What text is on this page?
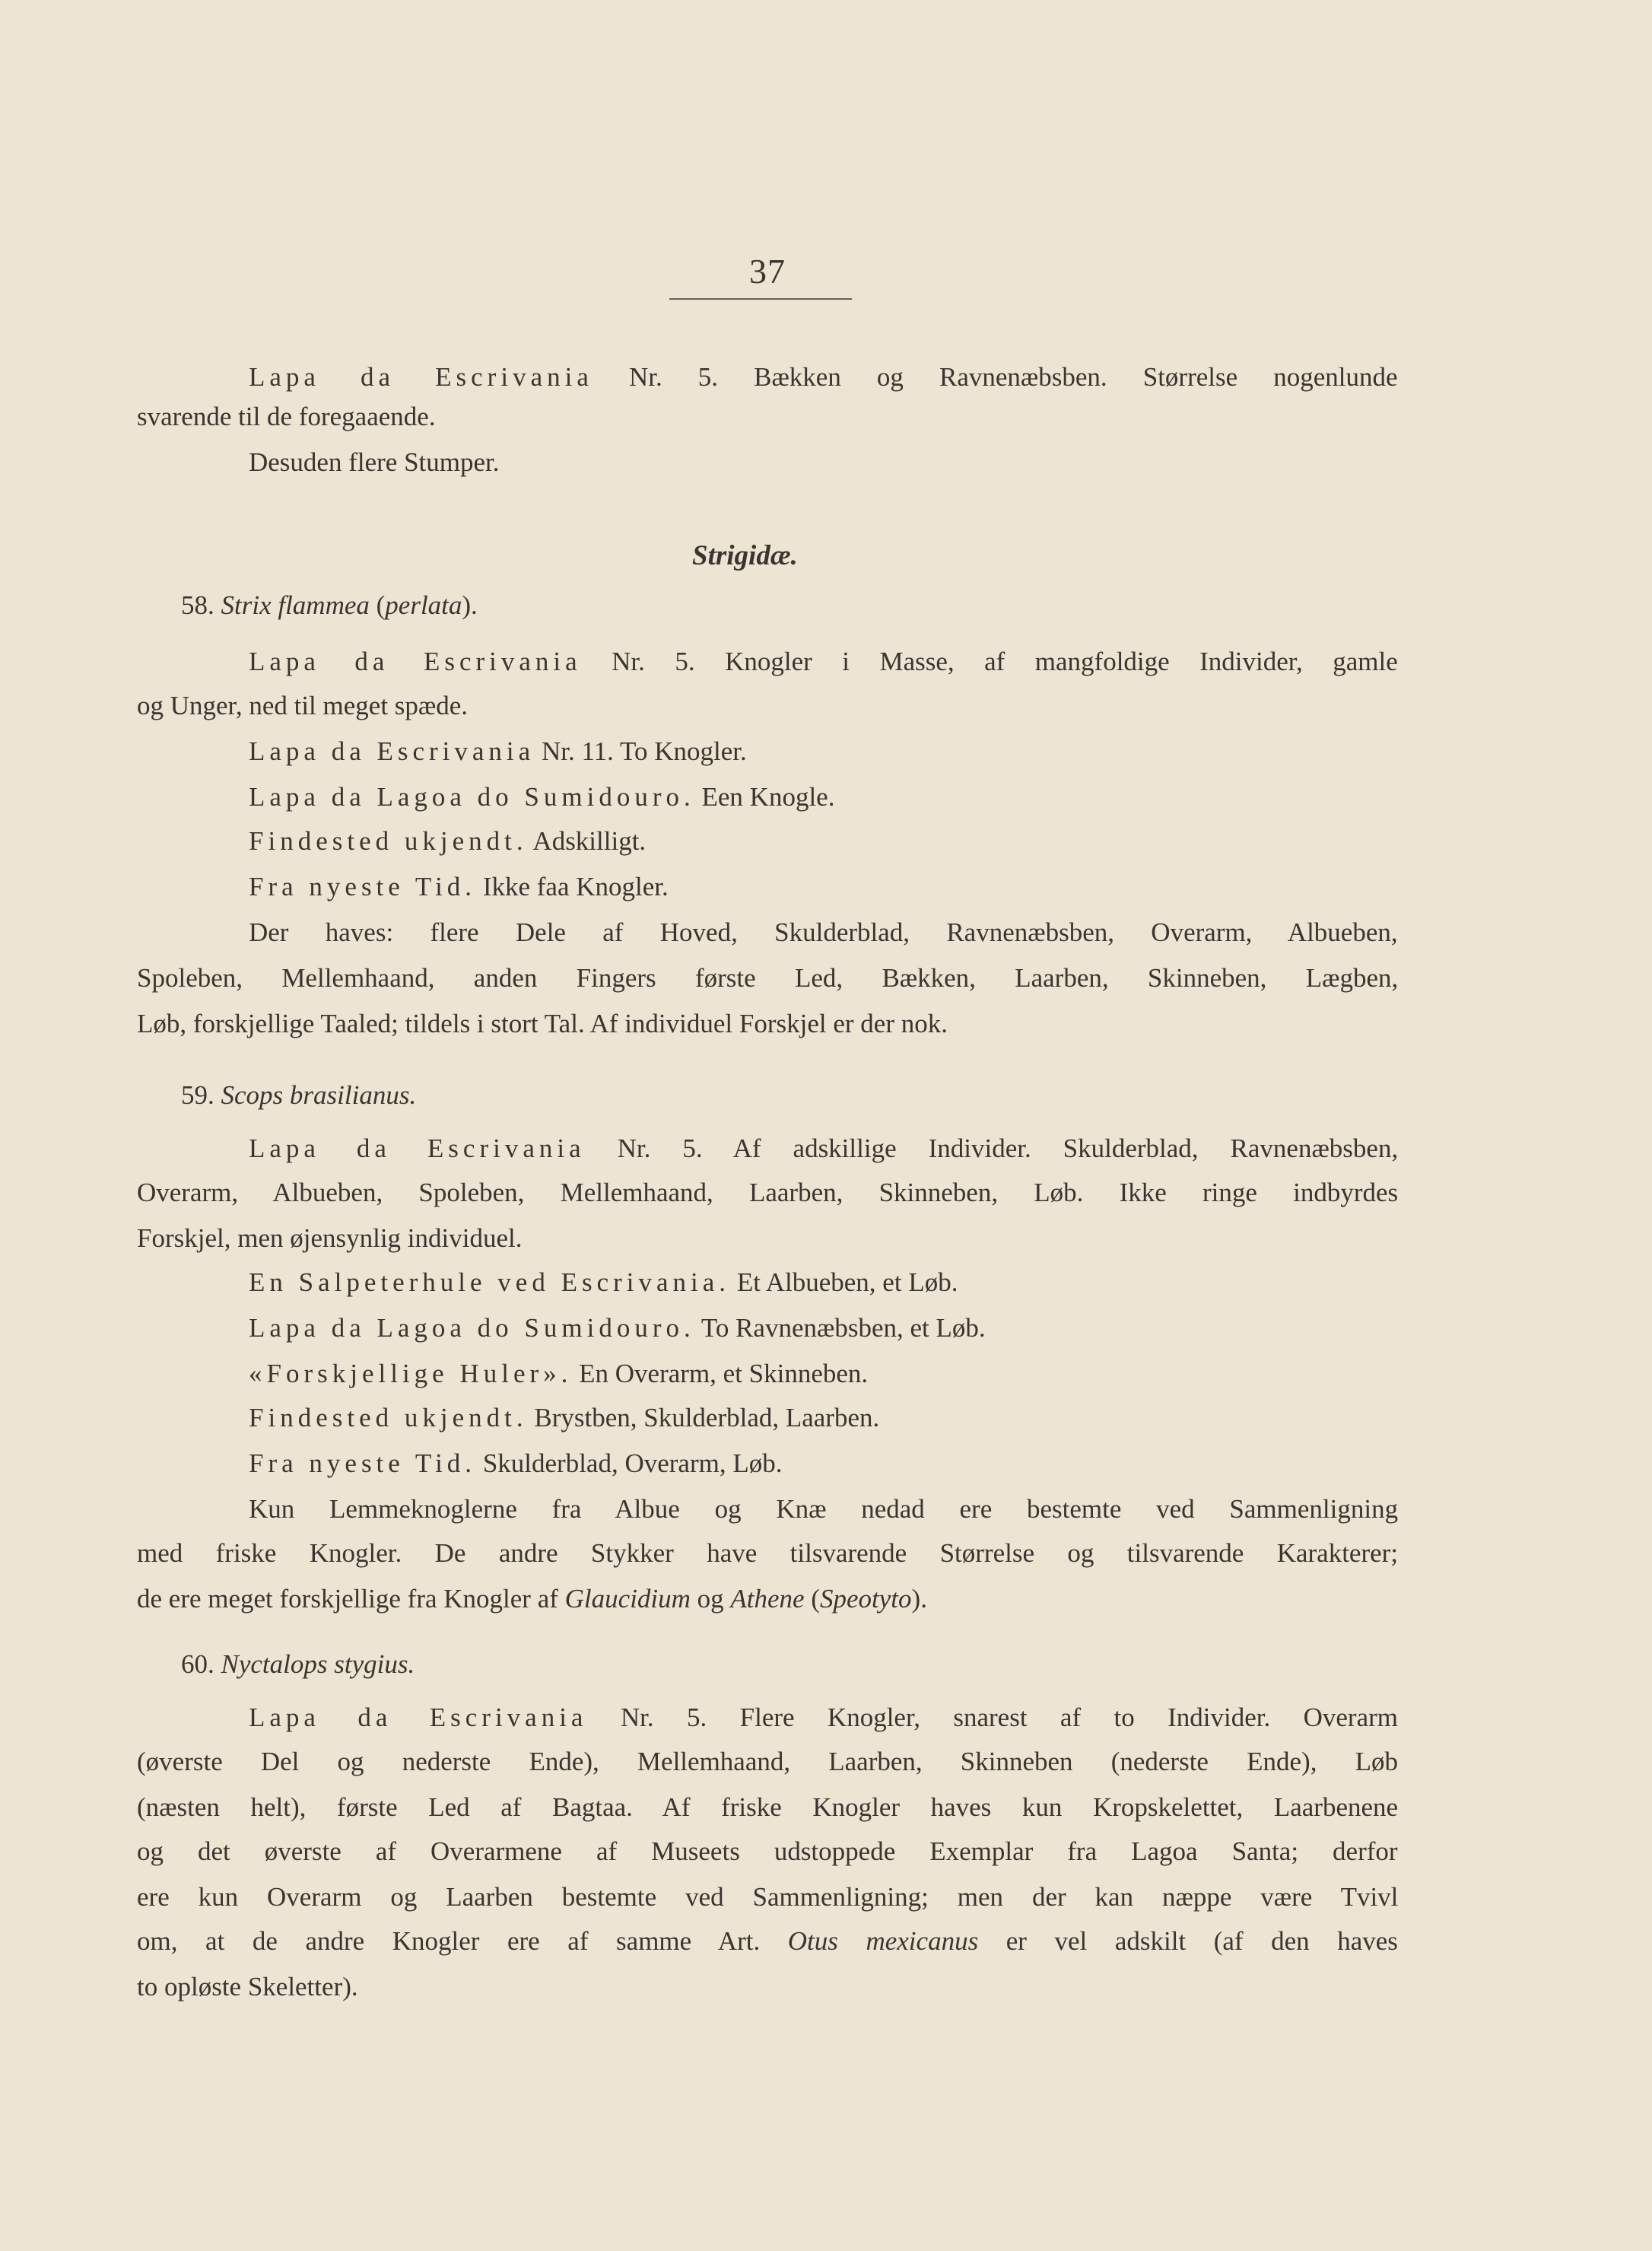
37
Lapa da Escrivania Nr. 5. Bækken og Ravnenæbsben. Størrelse nogenlunde
svarende til de foregaaende.
Desuden flere Stumper.
Strigidæ.
58. Strix flammea (perlata).
Lapa da Escrivania Nr. 5. Knogler i Masse, af mangfoldige Individer, gamle
og Unger, ned til meget spæde.
Lapa da Escrivania Nr. 11. To Knogler.
Lapa da Lagoa do Sumidouro. Een Knogle.
Findested ukjendt. Adskilligt.
Fra nyeste Tid. Ikke faa Knogler.
Der haves: flere Dele af Hoved, Skulderblad, Ravnenæbsben, Overarm, Albueben,
Spoleben, Mellemhaand, anden Fingers første Led, Bækken, Laarben, Skinneben, Lægben,
Løb, forskjellige Taaled; tildels i stort Tal. Af individuel Forskjel er der nok.
59. Scops brasilianus.
Lapa da Escrivania Nr. 5. Af adskillige Individer. Skulderblad, Ravnenæbsben,
Overarm, Albueben, Spoleben, Mellemhaand, Laarben, Skinneben, Løb. Ikke ringe indbyrdes
Forskjel, men øjensynlig individuel.
En Salpeterhule ved Escrivania. Et Albueben, et Løb.
Lapa da Lagoa do Sumidouro. To Ravnenæbsben, et Løb.
«Forskjellige Huler». En Overarm, et Skinneben.
Findested ukjendt. Brystben, Skulderblad, Laarben.
Fra nyeste Tid. Skulderblad, Overarm, Løb.
Kun Lemmeknoglerne fra Albue og Knæ nedad ere bestemte ved Sammenligning
med friske Knogler. De andre Stykker have tilsvarende Størrelse og tilsvarende Karakterer;
de ere meget forskjellige fra Knogler af Glaucidium og Athene (Speotyto).
60. Nyctalops stygius.
Lapa da Escrivania Nr. 5. Flere Knogler, snarest af to Individer. Overarm
(øverste Del og nederste Ende), Mellemhaand, Laarben, Skinneben (nederste Ende), Løb
(næsten helt), første Led af Bagtaa. Af friske Knogler haves kun Kropskelettet, Laarbenene
og det øverste af Overarmene af Museets udstoppede Exemplar fra Lagoa Santa; derfor
ere kun Overarm og Laarben bestemte ved Sammenligning; men der kan næppe være Tvivl
om, at de andre Knogler ere af samme Art. Otus mexicanus er vel adskilt (af den haves
to opløste Skeletter).
